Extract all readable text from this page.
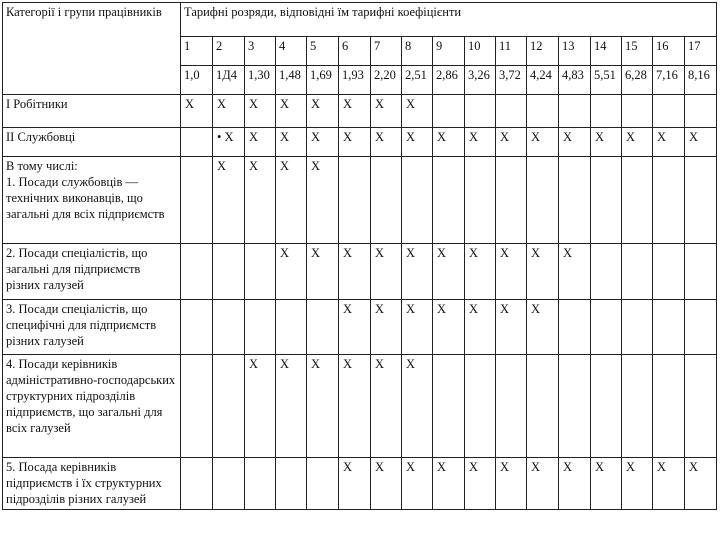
Категорії і групи працівників	Тарифні розряди, відповідні їм тарифні коефіцієнти																
	1	2	3	4	5	6	7	8	9	10	11	12	13	14	15	16	17
	1,0	1Д4	1,30	1,48	1,69	1,93	2,20	2,51	2,86	3,26	3,72	4,24	4,83	5,51	6,28	7,16	8,16
І Робітники	Х	Х	Х	Х	Х	Х	Х	Х									
ІІ Службовці		• Х	Х	Х	Х	Х	Х	Х	Х	Х	Х	Х	Х	Х	Х	Х	Х
В тому числі:
1. Посади службовців — технічних виконавців, що загальні для всіх підприємств		Х	Х	Х	Х												
2. Посади спеціалістів, що загальні для підприємств різних галузей				Х	Х	Х	Х	Х	Х	Х	Х	Х	Х				
3. Посади спеціалістів, що специфічні для підприємств різних галузей						Х	Х	Х	Х	Х	Х	Х					
4. Посади керівників адміністративно-господарських структурних підрозділів підприємств, що загальні для всіх галузей			Х	Х	Х	Х	Х	Х									
5. Посада керівників підприємств і їх структурних підрозділів різних галузей						Х	Х	Х	Х	Х	Х	Х	Х	Х	Х	Х	Х
